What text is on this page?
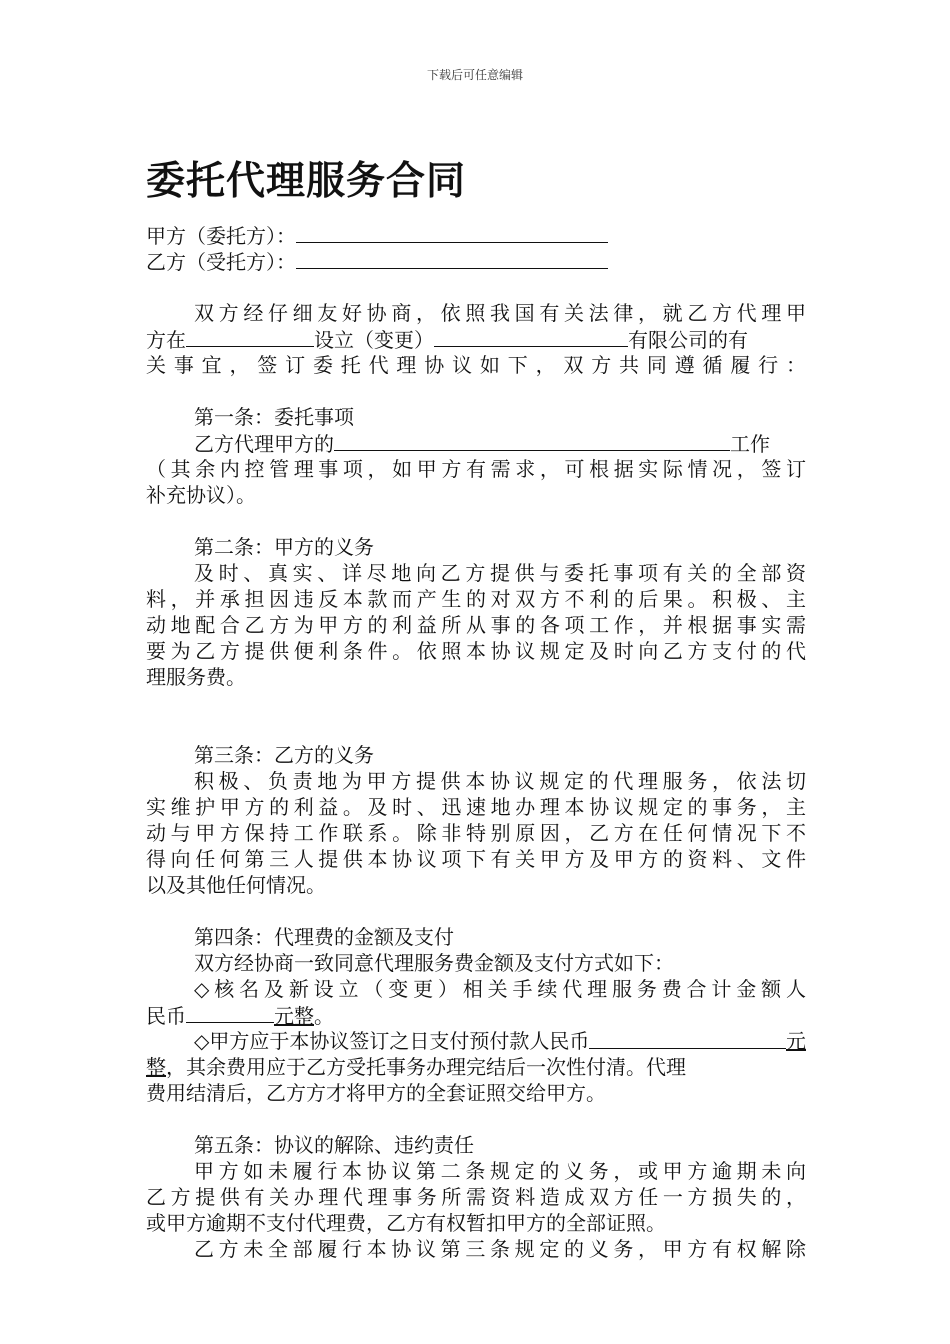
下载后可任意编辑
委托代理服务合同
甲方（委托方）：
乙方（受托方）：
双方经仔细友好协商，依照我国有关法律，就乙方代理甲
方在	设立（变更）	有限公司的有
关事宜，签订委托代理协议如下，双方共同遵循履行：
第一条：委托事项
乙方代理甲方的	工作
（其余内控管理事项，如甲方有需求，可根据实际情况，签订
补充协议）。
第二条：甲方的义务
及时、真实、详尽地向乙方提供与委托事项有关的全部资
料，并承担因违反本款而产生的对双方不利的后果。积极、主
动地配合乙方为甲方的利益所从事的各项工作，并根据事实需
要为乙方提供便利条件。依照本协议规定及时向乙方支付的代
理服务费。
第三条：乙方的义务
积极、负责地为甲方提供本协议规定的代理服务，依法切
实维护甲方的利益。及时、迅速地办理本协议规定的事务，主
动与甲方保持工作联系。除非特别原因，乙方在任何情况下不
得向任何第三人提供本协议项下有关甲方及甲方的资料、文件
以及其他任何情况。
第四条：代理费的金额及支付
双方经协商一致同意代理服务费金额及支付方式如下：
◇核名及新设立（变更）相关手续代理服务费合计金额人
民币	元整。
◇甲方应于本协议签订之日支付预付款人民币	元
整，其余费用应于乙方受托事务办理完结后一次性付清。代理
费用结清后，乙方方才将甲方的全套证照交给甲方。
第五条：协议的解除、违约责任
甲方如未履行本协议第二条规定的义务，或甲方逾期未向
乙方提供有关办理代理事务所需资料造成双方任一方损失的，
或甲方逾期不支付代理费，乙方有权暂扣甲方的全部证照。
乙方未全部履行本协议第三条规定的义务，甲方有权解除
